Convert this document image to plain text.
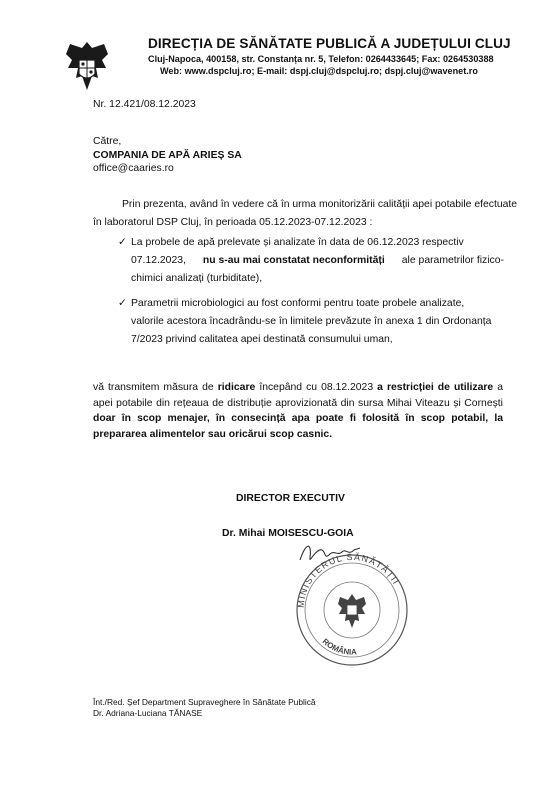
DIRECȚIA DE SĂNĂTATE PUBLICĂ A JUDEȚULUI CLUJ
Cluj-Napoca, 400158, str. Constanța nr. 5, Telefon: 0264433645; Fax: 0264530388
Web: www.dspcluj.ro; E-mail: dspj.cluj@dspcluj.ro; dspj.cluj@wavenet.ro
Nr. 12.421/08.12.2023
Către,
COMPANIA DE APĂ ARIEȘ SA
office@caaries.ro
Prin prezenta, având în vedere că în urma monitorizării calității apei potabile efectuate
în laboratorul DSP Cluj, în perioada 05.12.2023-07.12.2023 :
✓ La probele de apă prelevate și analizate în data de 06.12.2023 respectiv
07.12.2023, nu s-au mai constatat neconformități ale parametrilor fizico-
chimici analizați (turbiditate),
✓ Parametrii microbiologici au fost conformi pentru toate probele analizate,
valorile acestora încadrându-se în limitele prevăzute în anexa 1 din Ordonanța
7/2023 privind calitatea apei destinată consumului uman,
vă transmitem măsura de ridicare începând cu 08.12.2023 a restricției de utilizare a apei potabile din rețeaua de distribuție aprovizionată din sursa Mihai Viteazu și Cornești doar în scop menajer, în consecință apa poate fi folosită în scop potabil, la prepararea alimentelor sau oricărui scop casnic.
DIRECTOR EXECUTIV
Dr. Mihai MOISESCU-GOIA
MINISTERUL SĂNĂTĂȚII
ROMÂNIA
Înt./Red. Șef Department Supraveghere în Sănătate Publică
Dr. Adriana-Luciana TĂNASE
